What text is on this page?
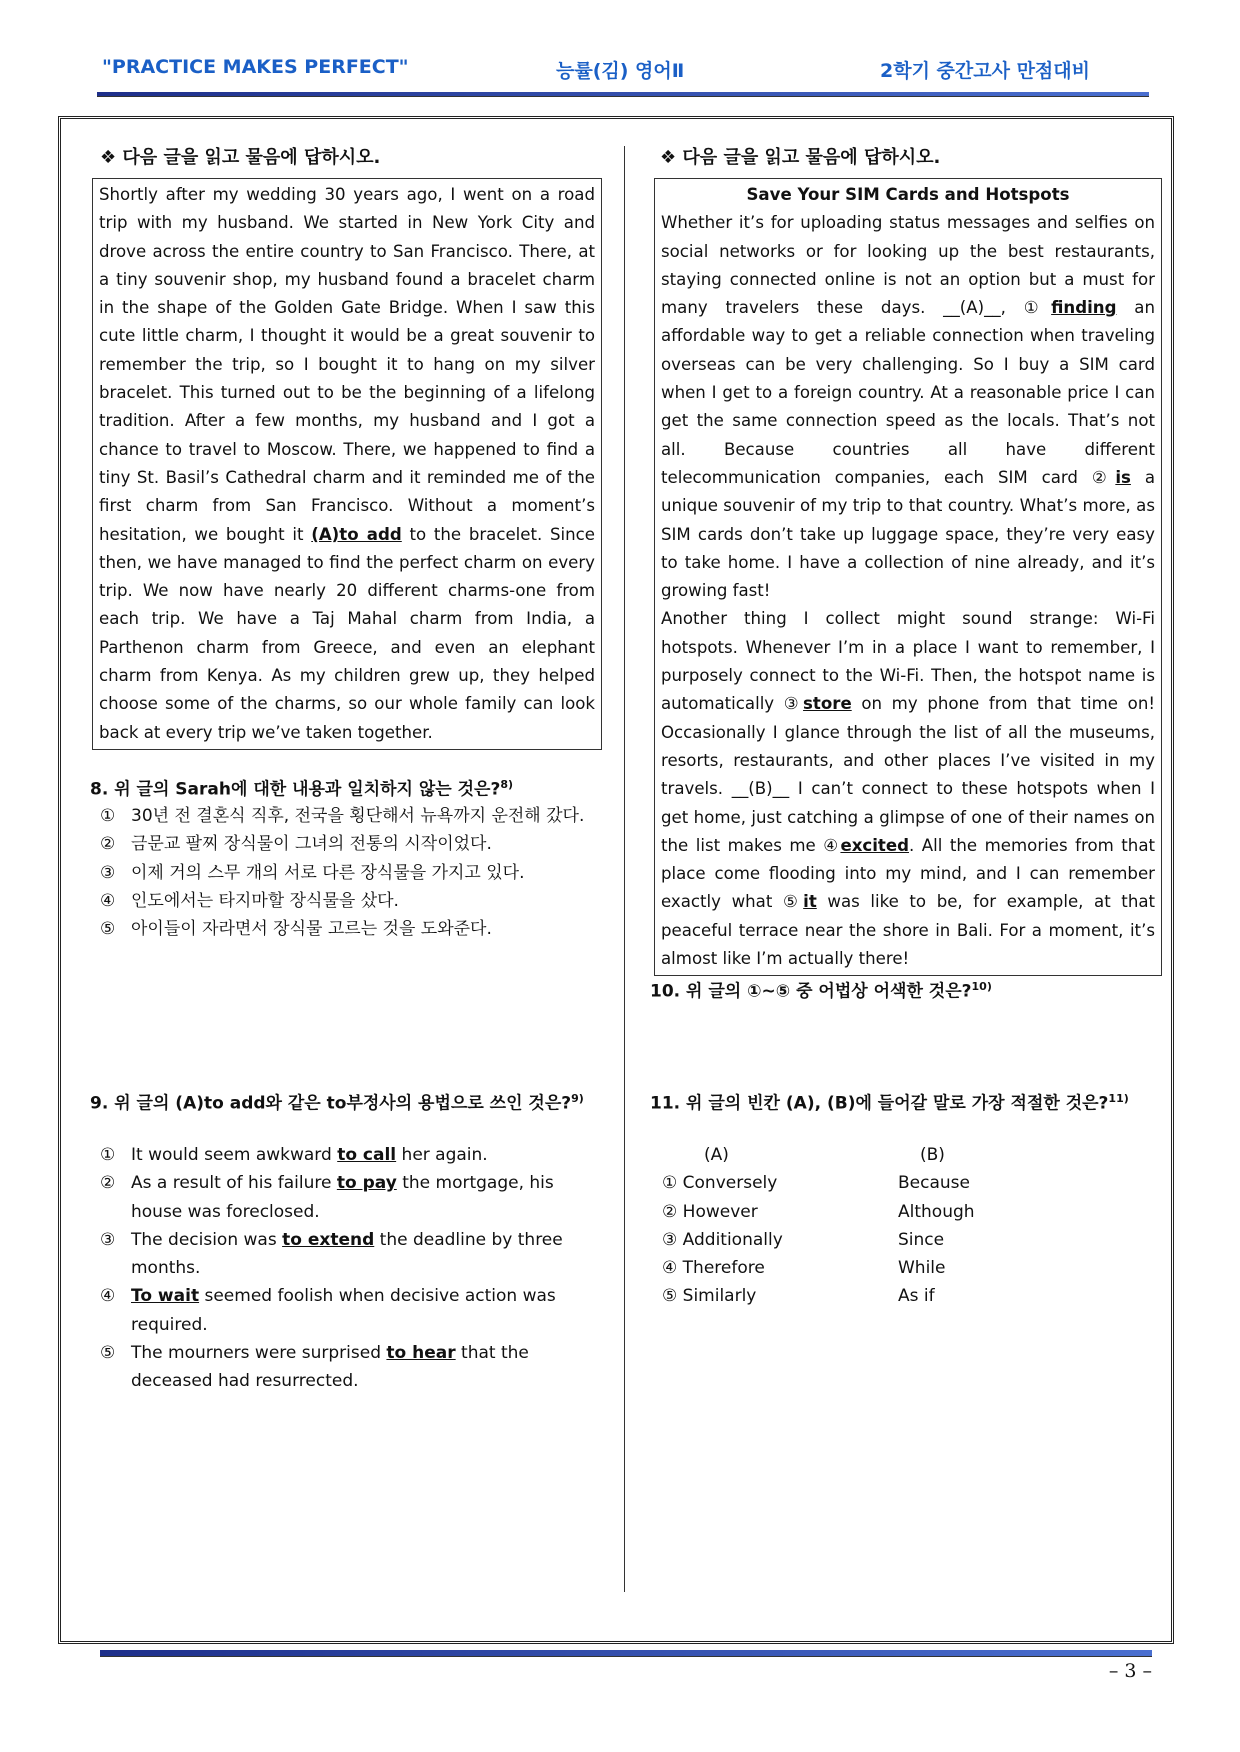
"PRACTICE MAKES PERFECT"	능률(김) 영어Ⅱ	2학기 중간고사 만점대비
❖ 다음 글을 읽고 물음에 답하시오.

Shortly after my wedding 30 years ago, I went on a road trip with my husband. We started in New York City and drove across the entire country to San Francisco. There, at a tiny souvenir shop, my husband found a bracelet charm in the shape of the Golden Gate Bridge. When I saw this cute little charm, I thought it would be a great souvenir to remember the trip, so I bought it to hang on my silver bracelet. This turned out to be the beginning of a lifelong tradition. After a few months, my husband and I got a chance to travel to Moscow. There, we happened to find a tiny St. Basil’s Cathedral charm and it reminded me of the first charm from San Francisco. Without a moment’s hesitation, we bought it (A)to add to the bracelet. Since then, we have managed to find the perfect charm on every trip. We now have nearly 20 different charms-one from each trip. We have a Taj Mahal charm from India, a Parthenon charm from Greece, and even an elephant charm from Kenya. As my children grew up, they helped choose some of the charms, so our whole family can look back at every trip we’ve taken together.

8. 위 글의 Sarah에 대한 내용과 일치하지 않는 것은?$^{8)}$
① 30년 전 결혼식 직후, 전국을 횡단해서 뉴욕까지 운전해 갔다.
② 금문교 팔찌 장식물이 그녀의 전통의 시작이었다.
③ 이제 거의 스무 개의 서로 다른 장식물을 가지고 있다.
④ 인도에서는 타지마할 장식물을 샀다.
⑤ 아이들이 자라면서 장식물 고르는 것을 도와준다.
9. 위 글의 (A)to add와 같은 to부정사의 용법으로 쓰인 것은?$^{9)}$
① It would seem awkward to call her again.
② As a result of his failure to pay the mortgage, his house was foreclosed.
③ The decision was to extend the deadline by three months.
④ To wait seemed foolish when decisive action was required.
⑤ The mourners were surprised to hear that the deceased had resurrected.
❖ 다음 글을 읽고 물음에 답하시오.

Save Your SIM Cards and Hotspots

Whether it’s for uploading status messages and selfies on social networks or for looking up the best restaurants, staying connected online is not an option but a must for many travelers these days. __(A)__, ①finding an affordable way to get a reliable connection when traveling overseas can be very challenging. So I buy a SIM card when I get to a foreign country. At a reasonable price I can get the same connection speed as the locals. That’s not all. Because countries all have different telecommunication companies, each SIM card ②is a unique souvenir of my trip to that country. What’s more, as SIM cards don’t take up luggage space, they’re very easy to take home. I have a collection of nine already, and it’s growing fast!

Another thing I collect might sound strange: Wi-Fi hotspots. Whenever I’m in a place I want to remember, I purposely connect to the Wi-Fi. Then, the hotspot name is automatically ③store on my phone from that time on! Occasionally I glance through the list of all the museums, resorts, restaurants, and other places I’ve visited in my travels. __(B)__ I can’t connect to these hotspots when I get home, just catching a glimpse of one of their names on the list makes me ④excited. All the memories from that place come flooding into my mind, and I can remember exactly what ⑤it was like to be, for example, at that peaceful terrace near the shore in Bali. For a moment, it’s almost like I’m actually there!

10. 위 글의 ①~⑤ 중 어법상 어색한 것은?$^{10)}$
11. 위 글의 빈칸 (A), (B)에 들어갈 말로 가장 적절한 것은?$^{11)}$
(A)	(B)
① Conversely	Because
② However	Although
③ Additionally	Since
④ Therefore	While
⑤ Similarly	As if
– 3 –
